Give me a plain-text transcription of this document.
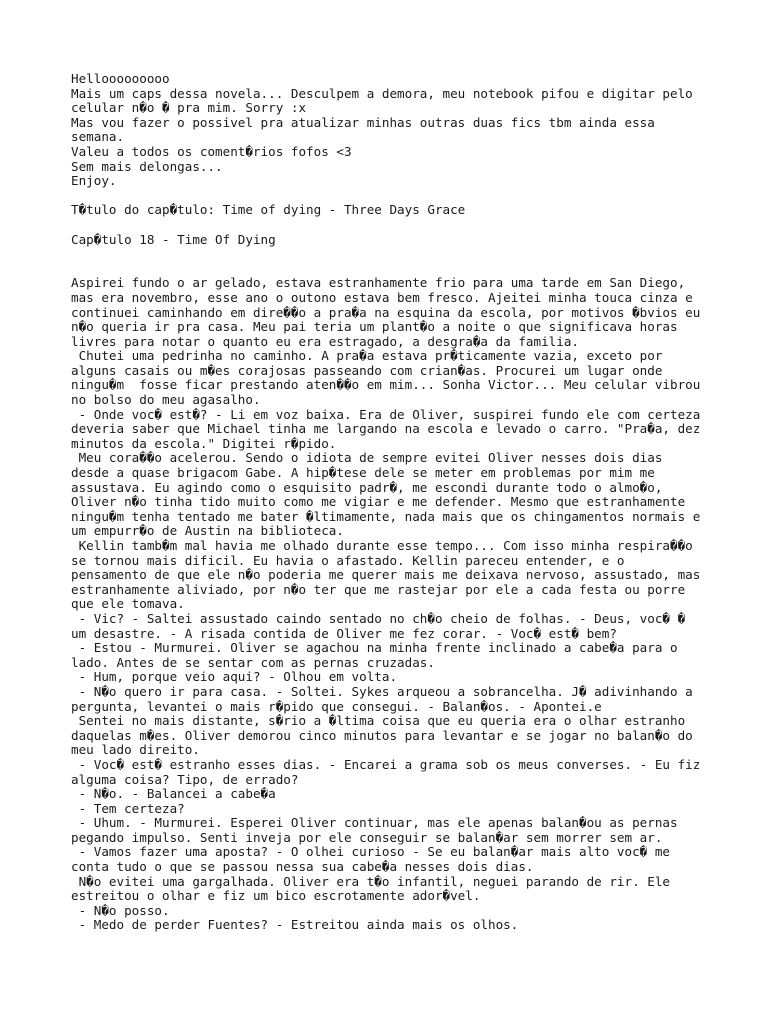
Hellooooooooo
Mais um caps dessa novela... Desculpem a demora, meu notebook pifou e digitar pelo
celular n�o � pra mim. Sorry :x
Mas vou fazer o possivel pra atualizar minhas outras duas fics tbm ainda essa
semana.
Valeu a todos os coment�rios fofos <3
Sem mais delongas...
Enjoy.
T�tulo do cap�tulo: Time of dying - Three Days Grace
Cap�tulo 18 - Time Of Dying
Aspirei fundo o ar gelado, estava estranhamente frio para uma tarde em San Diego,
mas era novembro, esse ano o outono estava bem fresco. Ajeitei minha touca cinza e
continuei caminhando em dire��o a pra�a na esquina da escola, por motivos �bvios eu
n�o queria ir pra casa. Meu pai teria um plant�o a noite o que significava horas
livres para notar o quanto eu era estragado, a desgra�a da familia.
Chutei uma pedrinha no caminho. A pra�a estava pr�ticamente vazia, exceto por
alguns casais ou m�es corajosas passeando com crian�as. Procurei um lugar onde
ningu�m  fosse ficar prestando aten��o em mim... Sonha Victor... Meu celular vibrou
no bolso do meu agasalho.
- Onde voc� est�? - Li em voz baixa. Era de Oliver, suspirei fundo ele com certeza
deveria saber que Michael tinha me largando na escola e levado o carro. "Pra�a, dez
minutos da escola." Digitei r�pido.
Meu cora��o acelerou. Sendo o idiota de sempre evitei Oliver nesses dois dias
desde a quase brigacom Gabe. A hip�tese dele se meter em problemas por mim me
assustava. Eu agindo como o esquisito padr�, me escondi durante todo o almo�o,
Oliver n�o tinha tido muito como me vigiar e me defender. Mesmo que estranhamente
ningu�m tenha tentado me bater �ltimamente, nada mais que os chingamentos normais e
um empurr�o de Austin na biblioteca.
Kellin tamb�m mal havia me olhado durante esse tempo... Com isso minha respira��o
se tornou mais dificil. Eu havia o afastado. Kellin pareceu entender, e o
pensamento de que ele n�o poderia me querer mais me deixava nervoso, assustado, mas
estranhamente aliviado, por n�o ter que me rastejar por ele a cada festa ou porre
que ele tomava.
- Vic? - Saltei assustado caindo sentado no ch�o cheio de folhas. - Deus, voc� �
um desastre. - A risada contida de Oliver me fez corar. - Voc� est� bem?
- Estou - Murmurei. Oliver se agachou na minha frente inclinado a cabe�a para o
lado. Antes de se sentar com as pernas cruzadas.
- Hum, porque veio aqui? - Olhou em volta.
- N�o quero ir para casa. - Soltei. Sykes arqueou a sobrancelha. J� adivinhando a
pergunta, levantei o mais r�pido que consegui. - Balan�os. - Apontei.e
Sentei no mais distante, s�rio a �ltima coisa que eu queria era o olhar estranho
daquelas m�es. Oliver demorou cinco minutos para levantar e se jogar no balan�o do
meu lado direito.
- Voc� est� estranho esses dias. - Encarei a grama sob os meus converses. - Eu fiz
alguma coisa? Tipo, de errado?
- N�o. - Balancei a cabe�a
- Tem certeza?
- Uhum. - Murmurei. Esperei Oliver continuar, mas ele apenas balan�ou as pernas
pegando impulso. Senti inveja por ele conseguir se balan�ar sem morrer sem ar.
- Vamos fazer uma aposta? - O olhei curioso - Se eu balan�ar mais alto voc� me
conta tudo o que se passou nessa sua cabe�a nesses dois dias.
N�o evitei uma gargalhada. Oliver era t�o infantil, neguei parando de rir. Ele
estreitou o olhar e fiz um bico escrotamente ador�vel.
- N�o posso.
- Medo de perder Fuentes? - Estreitou ainda mais os olhos.
